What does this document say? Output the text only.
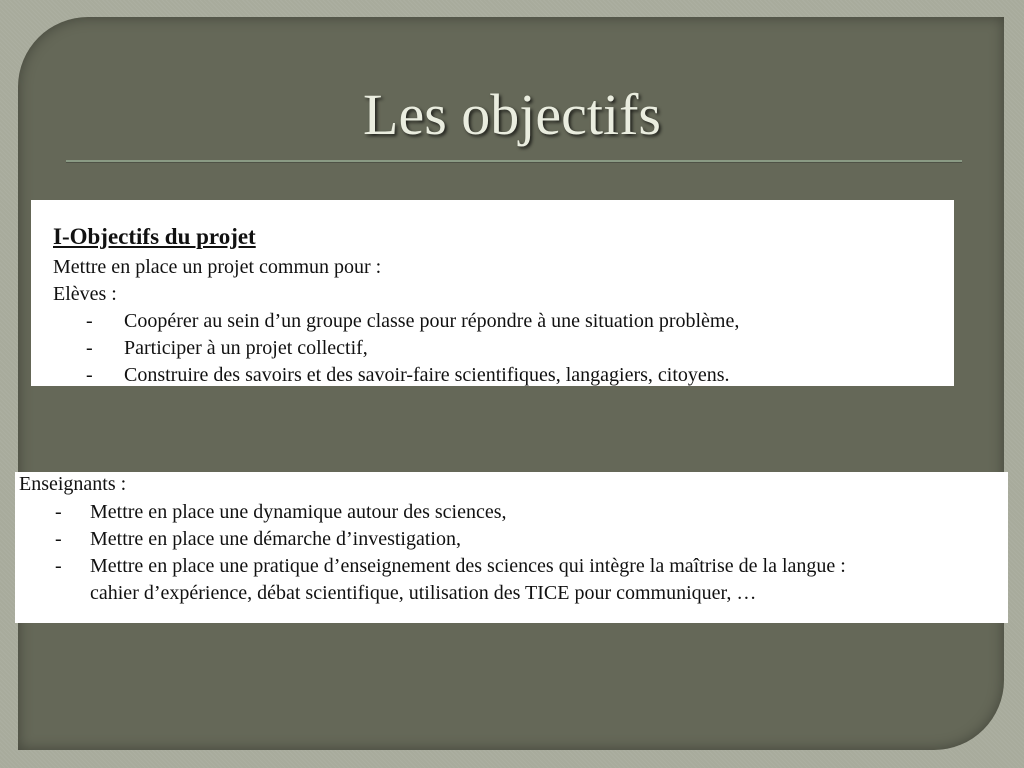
Les objectifs
I-Objectifs du projet
Mettre en place un projet commun pour :
Elèves :
- Coopérer au sein d’un groupe classe pour répondre à une situation problème,
- Participer à un projet collectif,
- Construire des savoirs et des savoir-faire scientifiques, langagiers, citoyens.
Enseignants :
- Mettre en place une dynamique autour des sciences,
- Mettre en place une démarche d’investigation,
- Mettre en place une pratique d’enseignement des sciences qui intègre la maîtrise de la langue :
cahier d’expérience, débat scientifique, utilisation des TICE pour communiquer, …
